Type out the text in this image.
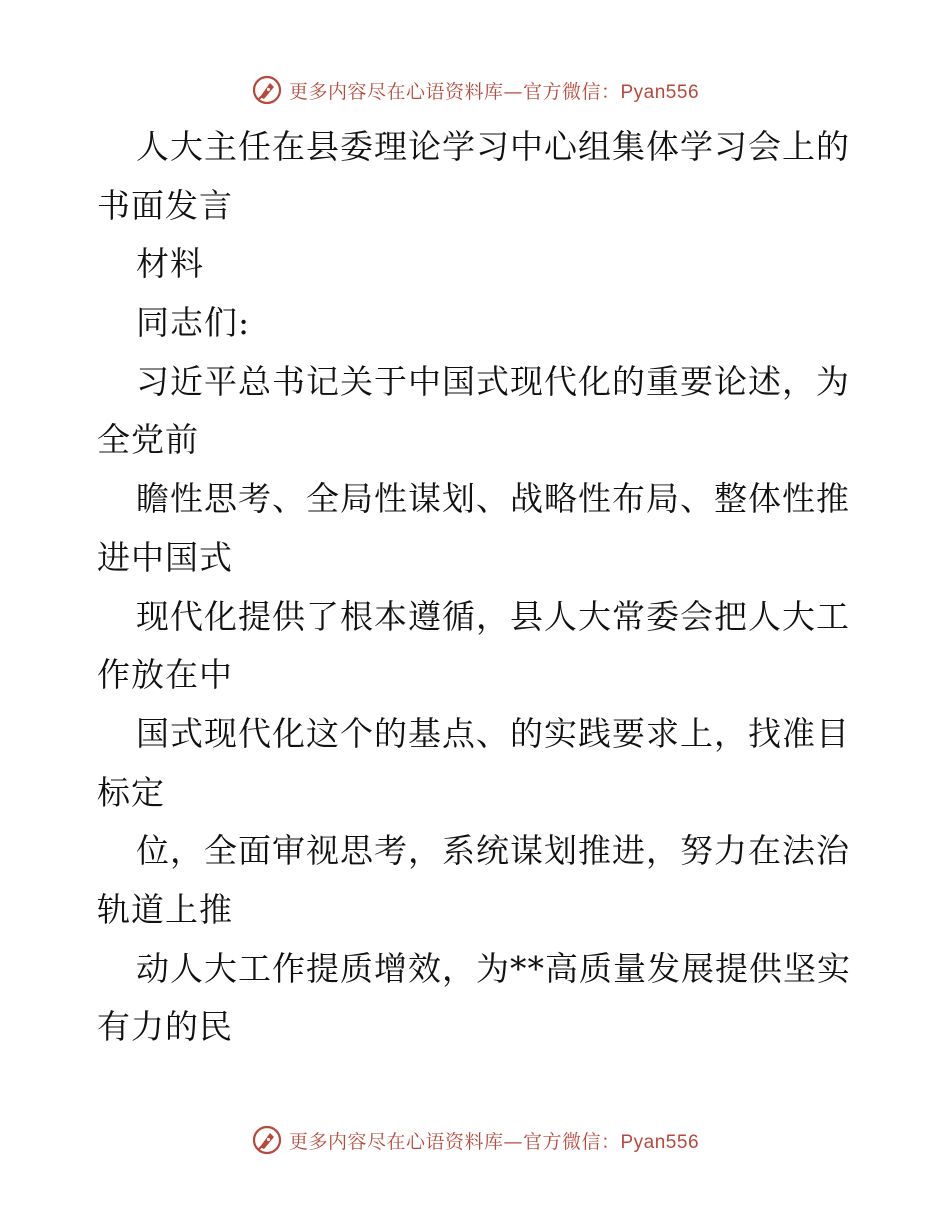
更多内容尽在心语资料库—官方微信：Pyan556
人大主任在县委理论学习中心组集体学习会上的
书面发言
材料
同志们:
习近平总书记关于中国式现代化的重要论述，为
全党前
瞻性思考、全局性谋划、战略性布局、整体性推
进中国式
现代化提供了根本遵循，县人大常委会把人大工
作放在中
国式现代化这个的基点、的实践要求上，找准目
标定
位，全面审视思考，系统谋划推进，努力在法治
轨道上推
动人大工作提质增效，为**高质量发展提供坚实
有力的民
更多内容尽在心语资料库—官方微信：Pyan556
